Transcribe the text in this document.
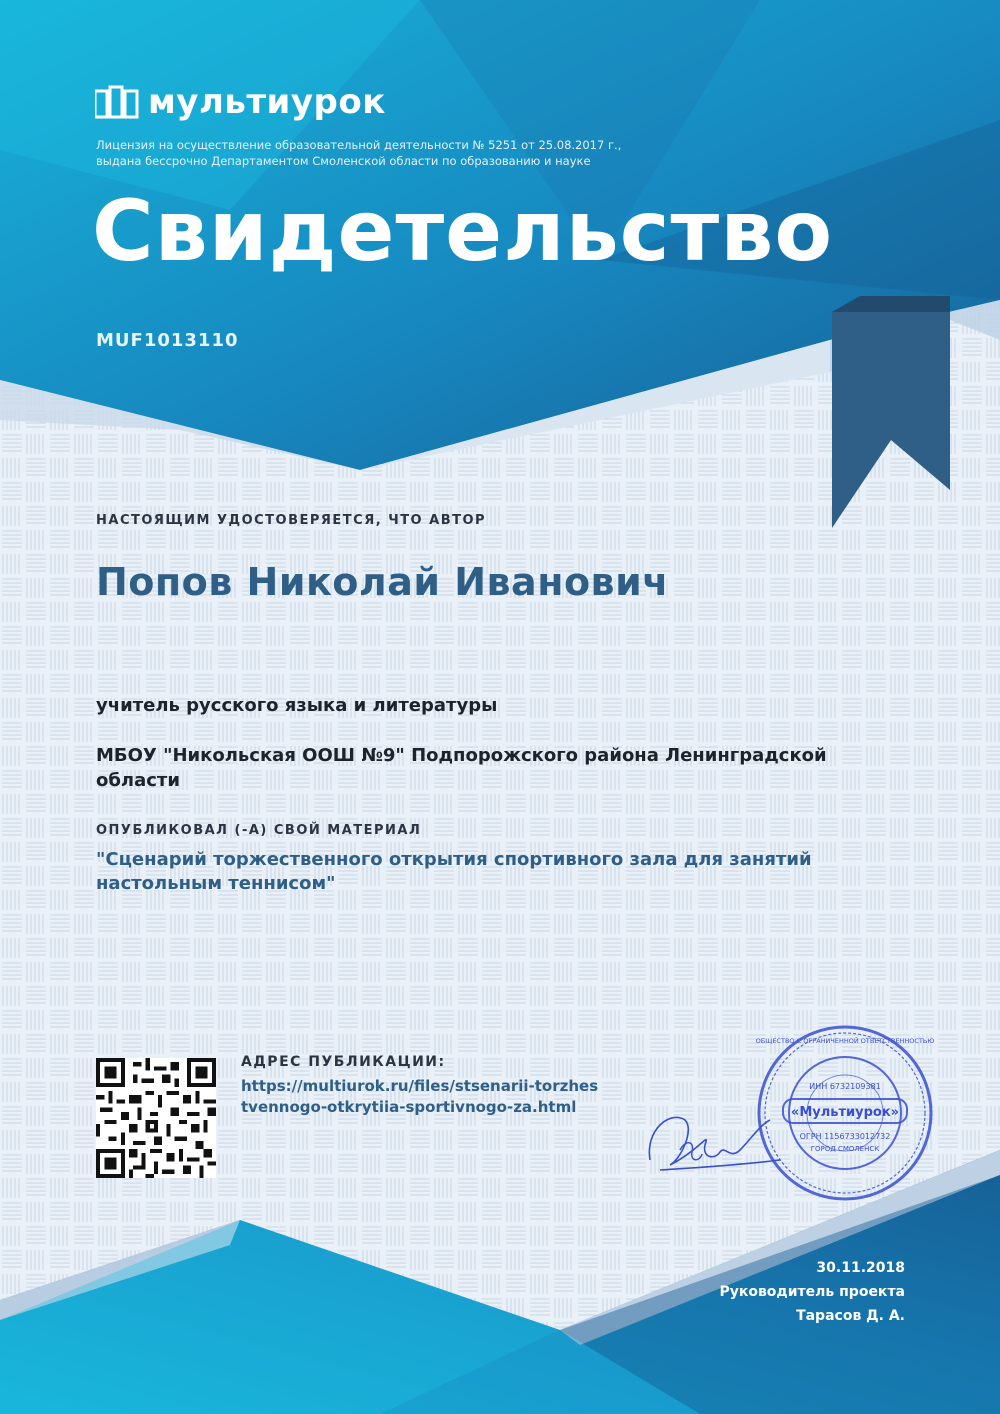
мультиурок
Лицензия на осуществление образовательной деятельности № 5251 от 25.08.2017 г.,
выдана бессрочно Департаментом Смоленской области по образованию и науке
Свидетельство
MUF1013110
НАСТОЯЩИМ УДОСТОВЕРЯЕТСЯ, ЧТО АВТОР
Попов Николай Иванович
учитель русского языка и литературы
МБОУ "Никольская ООШ №9" Подпорожского района Ленинградской области
ОПУБЛИКОВАЛ (-А) СВОЙ МАТЕРИАЛ
"Сценарий торжественного открытия спортивного зала для занятий настольным теннисом"
АДРЕС ПУБЛИКАЦИИ:
https://multiurok.ru/files/stsenarii-torzhestvennogo-otkrytiia-sportivnogo-za.html	«Мультиурок»
ИНН 6732109381
ОГРН 1156733012732
ГОРОД СМОЛЕНСК
ОБЩЕСТВО С ОГРАНИЧЕННОЙ ОТВЕТСТВЕННОСТЬЮ
30.11.2018
Руководитель проекта
Тарасов Д. А.
